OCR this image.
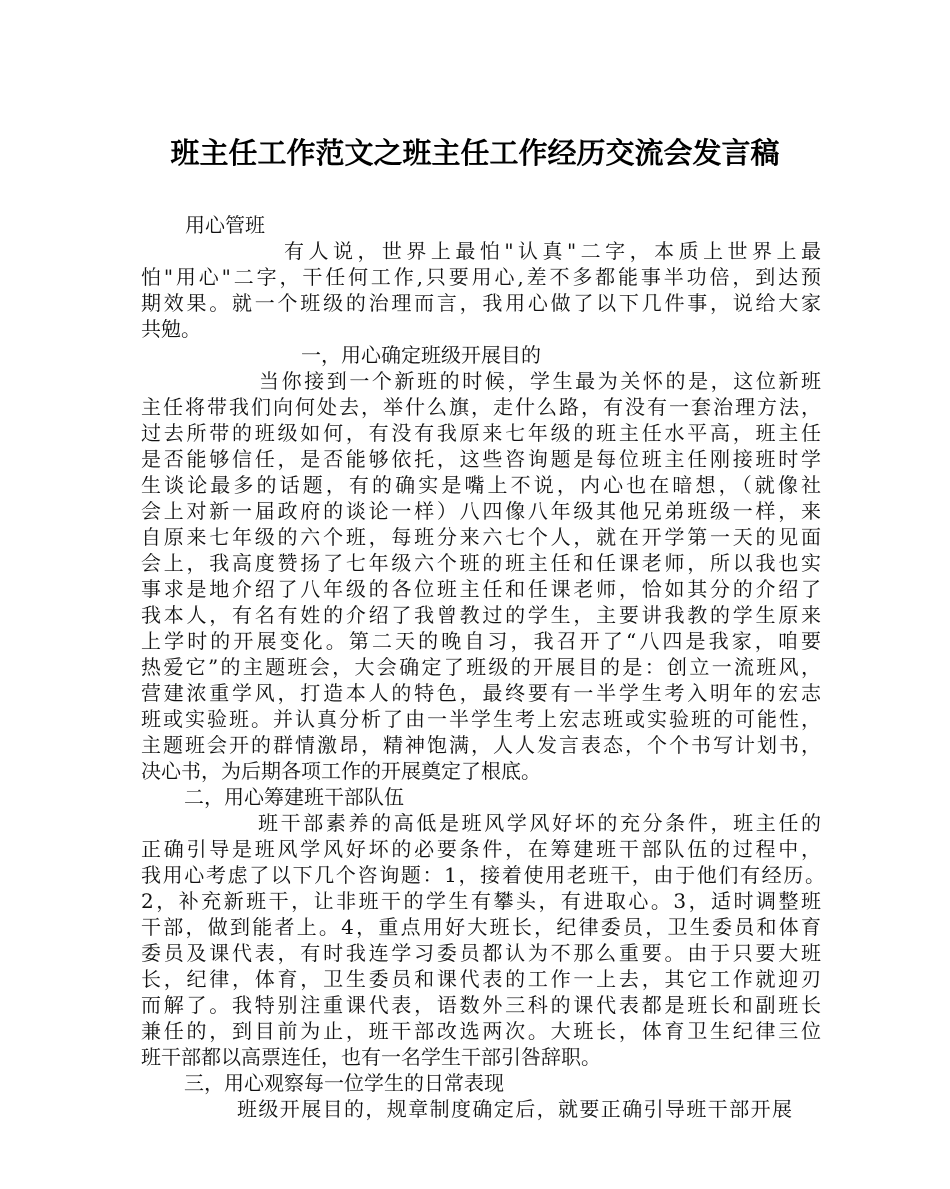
班主任工作范文之班主任工作经历交流会发言稿

用心管班

有人说，世界上最怕"认真"二字，本质上世界上最

怕"用心"二字，干任何工作,只要用心,差不多都能事半功倍，到达预

期效果。就一个班级的治理而言，我用心做了以下几件事，说给大家

共勉。

一，用心确定班级开展目的

当你接到一个新班的时候，学生最为关怀的是，这位新班

主任将带我们向何处去，举什么旗，走什么路，有没有一套治理方法，

过去所带的班级如何，有没有我原来七年级的班主任水平高，班主任

是否能够信任，是否能够依托，这些咨询题是每位班主任刚接班时学

生谈论最多的话题，有的确实是嘴上不说，内心也在暗想，（就像社

会上对新一届政府的谈论一样）八四像八年级其他兄弟班级一样，来

自原来七年级的六个班，每班分来六七个人，就在开学第一天的见面

会上，我高度赞扬了七年级六个班的班主任和任课老师，所以我也实

事求是地介绍了八年级的各位班主任和任课老师，恰如其分的介绍了

我本人，有名有姓的介绍了我曾教过的学生，主要讲我教的学生原来

上学时的开展变化。第二天的晚自习，我召开了“八四是我家，咱要

热爱它”的主题班会，大会确定了班级的开展目的是：创立一流班风，

营建浓重学风，打造本人的特色，最终要有一半学生考入明年的宏志

班或实验班。并认真分析了由一半学生考上宏志班或实验班的可能性，

主题班会开的群情激昂，精神饱满，人人发言表态，个个书写计划书，

决心书，为后期各项工作的开展奠定了根底。

二，用心筹建班干部队伍

班干部素养的高低是班风学风好坏的充分条件，班主任的

正确引导是班风学风好坏的必要条件，在筹建班干部队伍的过程中，

我用心考虑了以下几个咨询题：1，接着使用老班干，由于他们有经历。

2，补充新班干，让非班干的学生有攀头，有进取心。3，适时调整班

干部，做到能者上。4，重点用好大班长，纪律委员，卫生委员和体育

委员及课代表，有时我连学习委员都认为不那么重要。由于只要大班

长，纪律，体育，卫生委员和课代表的工作一上去，其它工作就迎刃

而解了。我特别注重课代表，语数外三科的课代表都是班长和副班长

兼任的，到目前为止，班干部改选两次。大班长，体育卫生纪律三位

班干部都以高票连任，也有一名学生干部引咎辞职。

三，用心观察每一位学生的日常表现

班级开展目的，规章制度确定后，就要正确引导班干部开展
